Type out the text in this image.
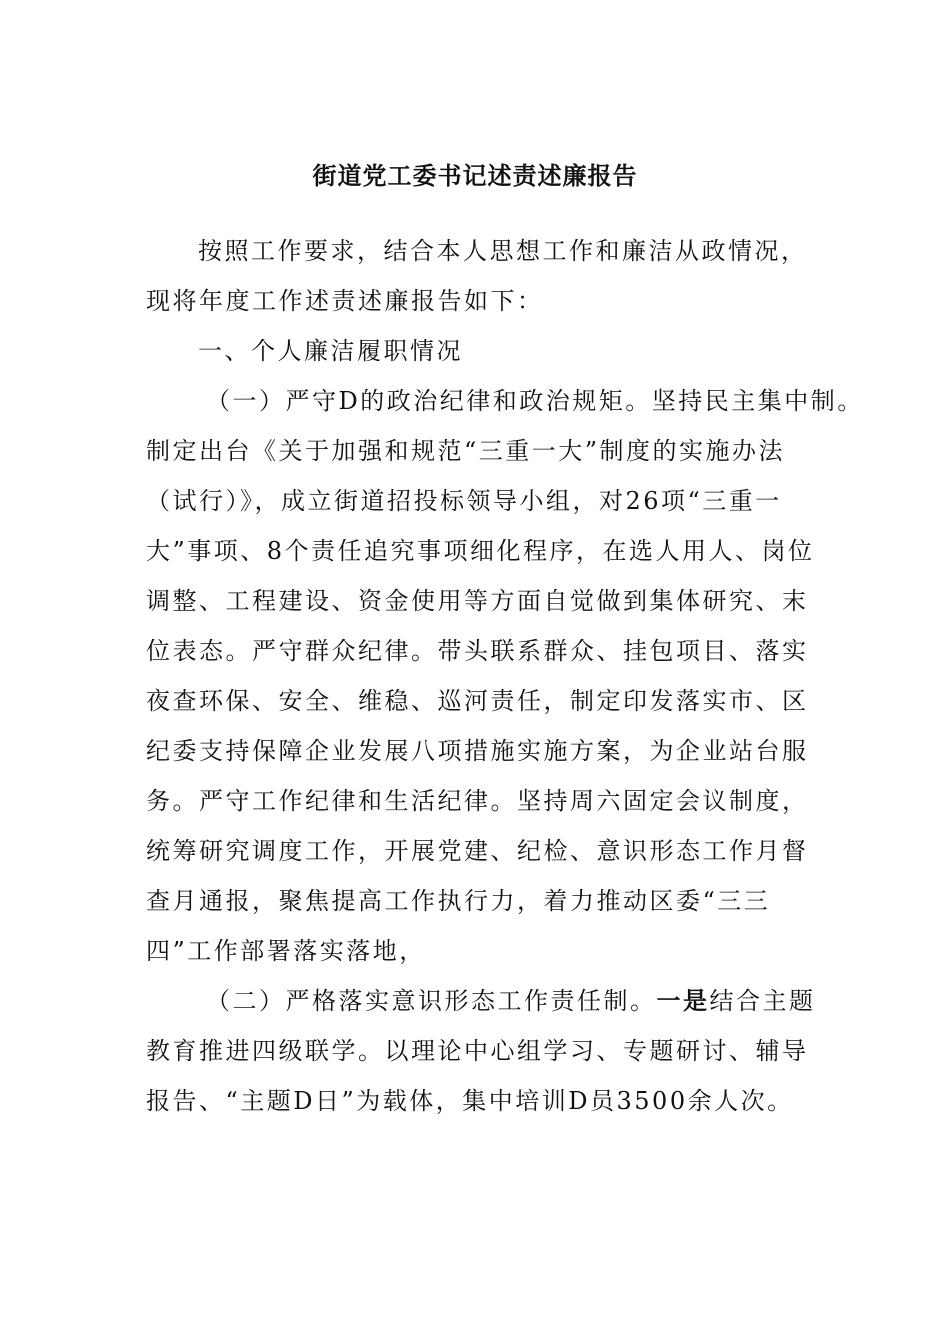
街道党工委书记述责述廉报告
按照工作要求，结合本人思想工作和廉洁从政情况，
现将年度工作述责述廉报告如下：
一、个人廉洁履职情况
（一）严守D的政治纪律和政治规矩。坚持民主集中制。
制定出台《关于加强和规范“三重一大”制度的实施办法
（试行）》，成立街道招投标领导小组，对26项“三重一
大”事项、8个责任追究事项细化程序，在选人用人、岗位
调整、工程建设、资金使用等方面自觉做到集体研究、末
位表态。严守群众纪律。带头联系群众、挂包项目、落实
夜查环保、安全、维稳、巡河责任，制定印发落实市、区
纪委支持保障企业发展八项措施实施方案，为企业站台服
务。严守工作纪律和生活纪律。坚持周六固定会议制度，
统筹研究调度工作，开展党建、纪检、意识形态工作月督
查月通报，聚焦提高工作执行力，着力推动区委“三三
四”工作部署落实落地，
（二）严格落实意识形态工作责任制。一是结合主题
教育推进四级联学。以理论中心组学习、专题研讨、辅导
报告、“主题D日”为载体，集中培训D员3500余人次。
